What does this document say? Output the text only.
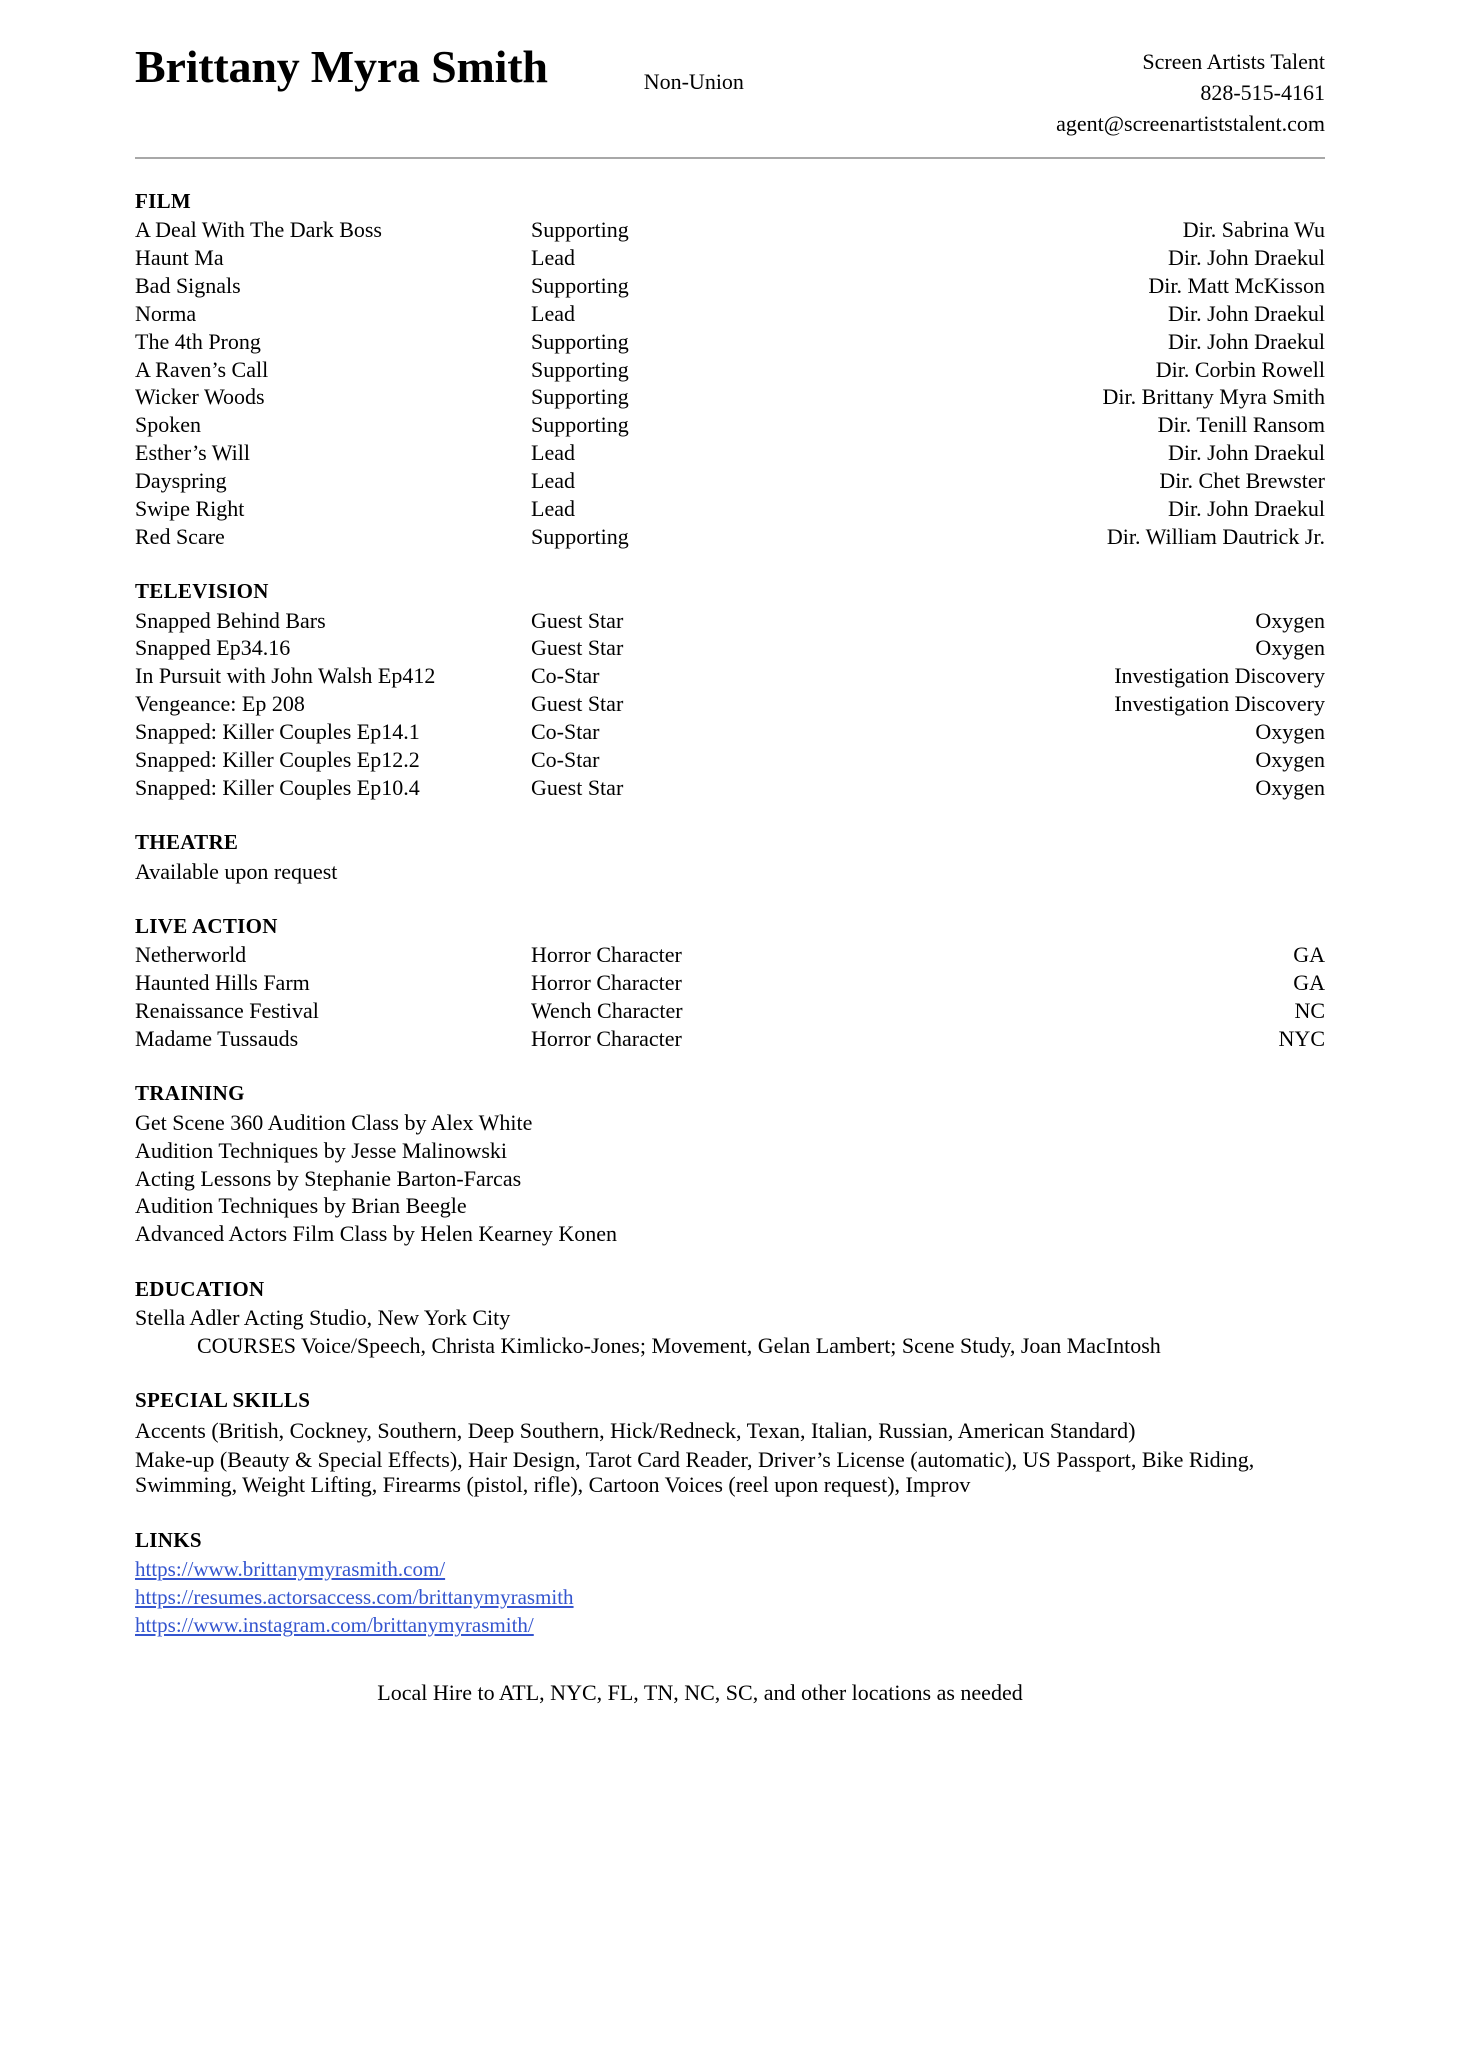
Brittany Myra Smith	Non-Union
Screen Artists Talent
828-515-4161
agent@screenartiststalent.com
FILM
A Deal With The Dark Boss	Supporting	Dir. Sabrina Wu
Haunt Ma	Lead	Dir. John Draekul
Bad Signals	Supporting	Dir. Matt McKisson
Norma	Lead	Dir. John Draekul
The 4th Prong	Supporting	Dir. John Draekul
A Raven’s Call	Supporting	Dir. Corbin Rowell
Wicker Woods	Supporting	Dir. Brittany Myra Smith
Spoken	Supporting	Dir. Tenill Ransom
Esther’s Will	Lead	Dir. John Draekul
Dayspring	Lead	Dir. Chet Brewster
Swipe Right	Lead	Dir. John Draekul
Red Scare	Supporting	Dir. William Dautrick Jr.
TELEVISION
Snapped Behind Bars	Guest Star	Oxygen
Snapped Ep34.16	Guest Star	Oxygen
In Pursuit with John Walsh Ep412	Co-Star	Investigation Discovery
Vengeance: Ep 208	Guest Star	Investigation Discovery
Snapped: Killer Couples Ep14.1	Co-Star	Oxygen
Snapped: Killer Couples Ep12.2	Co-Star	Oxygen
Snapped: Killer Couples Ep10.4	Guest Star	Oxygen
THEATRE
Available upon request
LIVE ACTION
Netherworld	Horror Character	GA
Haunted Hills Farm	Horror Character	GA
Renaissance Festival	Wench Character	NC
Madame Tussauds	Horror Character	NYC
TRAINING
Get Scene 360 Audition Class by Alex White
Audition Techniques by Jesse Malinowski
Acting Lessons by Stephanie Barton-Farcas
Audition Techniques by Brian Beegle
Advanced Actors Film Class by Helen Kearney Konen
EDUCATION
Stella Adler Acting Studio, New York City
COURSES Voice/Speech, Christa Kimlicko-Jones; Movement, Gelan Lambert; Scene Study, Joan MacIntosh
SPECIAL SKILLS
Accents (British, Cockney, Southern, Deep Southern, Hick/Redneck, Texan, Italian, Russian, American Standard)
Make-up (Beauty & Special Effects), Hair Design, Tarot Card Reader, Driver’s License (automatic), US Passport, Bike Riding, Swimming, Weight Lifting, Firearms (pistol, rifle), Cartoon Voices (reel upon request), Improv
LINKS
https://www.brittanymyrasmith.com/
https://resumes.actorsaccess.com/brittanymyrasmith
https://www.instagram.com/brittanymyrasmith/
Local Hire to ATL, NYC, FL, TN, NC, SC, and other locations as needed
